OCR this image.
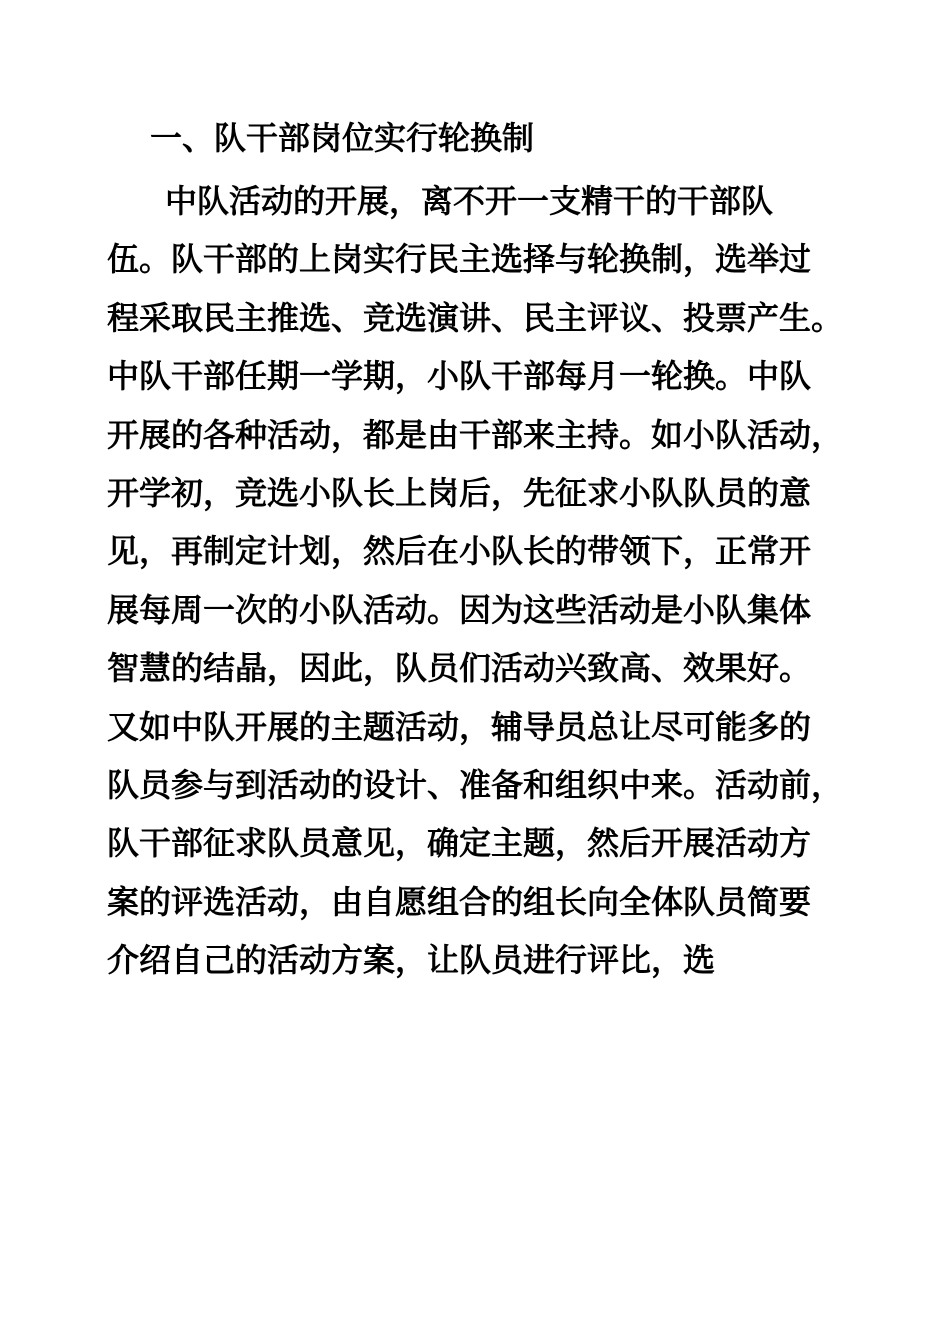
一、队干部岗位实行轮换制
中队活动的开展，离不开一支精干的干部队
伍。队干部的上岗实行民主选择与轮换制，选举过
程采取民主推选、竞选演讲、民主评议、投票产生。
中队干部任期一学期，小队干部每月一轮换。中队
开展的各种活动，都是由干部来主持。如小队活动，
开学初，竞选小队长上岗后，先征求小队队员的意
见，再制定计划，然后在小队长的带领下，正常开
展每周一次的小队活动。因为这些活动是小队集体
智慧的结晶，因此，队员们活动兴致高、效果好。
又如中队开展的主题活动，辅导员总让尽可能多的
队员参与到活动的设计、准备和组织中来。活动前，
队干部征求队员意见，确定主题，然后开展活动方
案的评选活动，由自愿组合的组长向全体队员简要
介绍自己的活动方案，让队员进行评比，选
